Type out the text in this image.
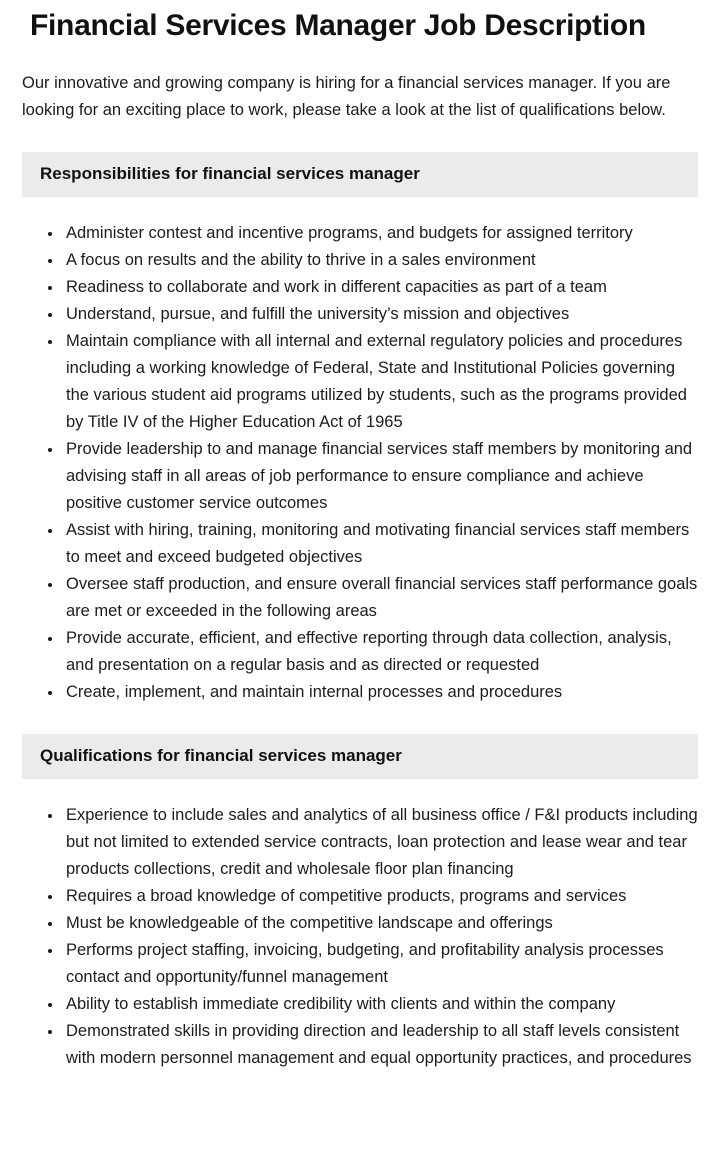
Financial Services Manager Job Description

Our innovative and growing company is hiring for a financial services manager. If you are looking for an exciting place to work, please take a look at the list of qualifications below.

Responsibilities for financial services manager
• Administer contest and incentive programs, and budgets for assigned territory
• A focus on results and the ability to thrive in a sales environment
• Readiness to collaborate and work in different capacities as part of a team
• Understand, pursue, and fulfill the university’s mission and objectives
• Maintain compliance with all internal and external regulatory policies and procedures including a working knowledge of Federal, State and Institutional Policies governing the various student aid programs utilized by students, such as the programs provided by Title IV of the Higher Education Act of 1965
• Provide leadership to and manage financial services staff members by monitoring and advising staff in all areas of job performance to ensure compliance and achieve positive customer service outcomes
• Assist with hiring, training, monitoring and motivating financial services staff members to meet and exceed budgeted objectives
• Oversee staff production, and ensure overall financial services staff performance goals are met or exceeded in the following areas
• Provide accurate, efficient, and effective reporting through data collection, analysis, and presentation on a regular basis and as directed or requested
• Create, implement, and maintain internal processes and procedures
Qualifications for financial services manager
• Experience to include sales and analytics of all business office / F&I products including but not limited to extended service contracts, loan protection and lease wear and tear products collections, credit and wholesale floor plan financing
• Requires a broad knowledge of competitive products, programs and services
• Must be knowledgeable of the competitive landscape and offerings
• Performs project staffing, invoicing, budgeting, and profitability analysis processes contact and opportunity/funnel management
• Ability to establish immediate credibility with clients and within the company
• Demonstrated skills in providing direction and leadership to all staff levels consistent with modern personnel management and equal opportunity practices, and procedures
